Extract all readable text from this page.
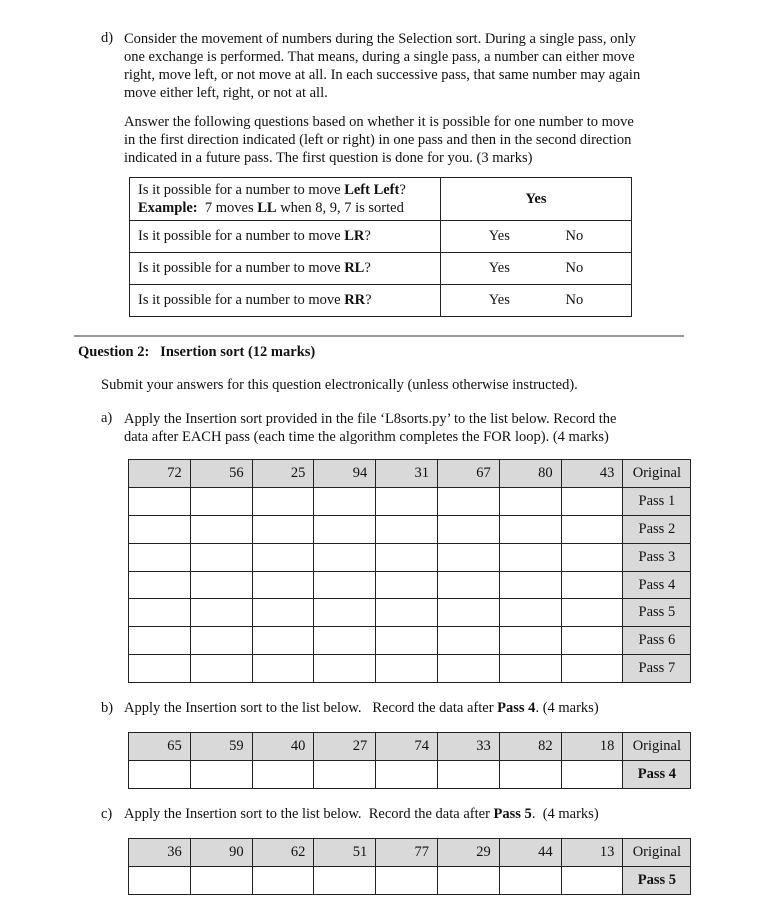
d) Consider the movement of numbers during the Selection sort. During a single pass, only
one exchange is performed. That means, during a single pass, a number can either move
right, move left, or not move at all. In each successive pass, that same number may again
move either left, right, or not at all.
Answer the following questions based on whether it is possible for one number to move
in the first direction indicated (left or right) in one pass and then in the second direction
indicated in a future pass. The first question is done for you. (3 marks)
Is it possible for a number to move Left Left?
Example:  7 moves LL when 8, 9, 7 is sorted	Yes
Is it possible for a number to move LR?	Yes No

Is it possible for a number to move RL?	Yes No

Is it possible for a number to move RR?	Yes No
Question 2:   Insertion sort (12 marks)
Submit your answers for this question electronically (unless otherwise instructed).
a) Apply the Insertion sort provided in the file ‘L8sorts.py’ to the list below. Record the
data after EACH pass (each time the algorithm completes the FOR loop). (4 marks)
72	56	25	94	31	67	80	43	Original
								Pass 1
								Pass 2
								Pass 3
								Pass 4
								Pass 5
								Pass 6
								Pass 7
b) Apply the Insertion sort to the list below.   Record the data after Pass 4. (4 marks)
65	59	40	27	74	33	82	18	Original
								Pass 4
c) Apply the Insertion sort to the list below.  Record the data after Pass 5.  (4 marks)
36	90	62	51	77	29	44	13	Original
								Pass 5
